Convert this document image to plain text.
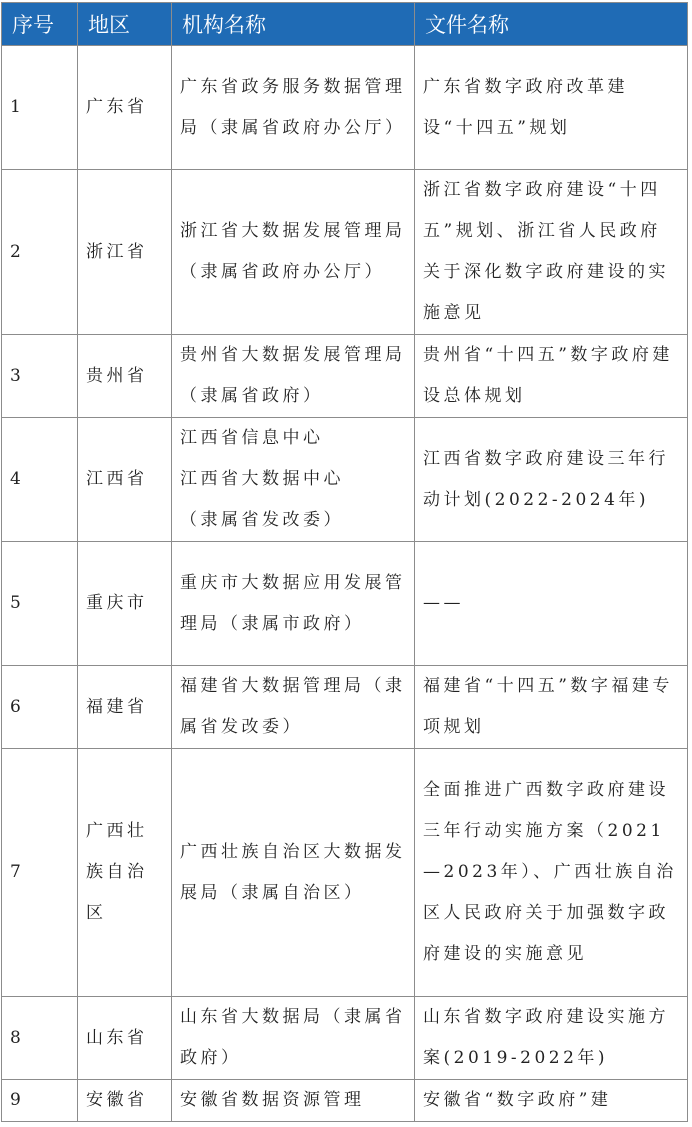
序号	地区	机构名称	文件名称
1	广东省	广东省政务服务数据管理局（隶属省政府办公厅）	广东省数字政府改革建设“十四五”规划
2	浙江省	浙江省大数据发展管理局（隶属省政府办公厅）	浙江省数字政府建设“十四五”规划、浙江省人民政府关于深化数字政府建设的实施意见
3	贵州省	贵州省大数据发展管理局（隶属省政府）	贵州省“十四五”数字政府建设总体规划
4	江西省	江西省信息中心
江西省大数据中心
（隶属省发改委）	江西省数字政府建设三年行动计划(2022-2024年)
5	重庆市	重庆市大数据应用发展管理局（隶属市政府）	——
6	福建省	福建省大数据管理局（隶属省发改委）	福建省“十四五”数字福建专项规划
7	广西壮族自治区	广西壮族自治区大数据发展局（隶属自治区）	全面推进广西数字政府建设三年行动实施方案（2021—2023年）、广西壮族自治区人民政府关于加强数字政府建设的实施意见
8	山东省	山东省大数据局（隶属省政府）	山东省数字政府建设实施方案(2019-2022年)
9	安徽省	安徽省数据资源管理	安徽省“数字政府”建
